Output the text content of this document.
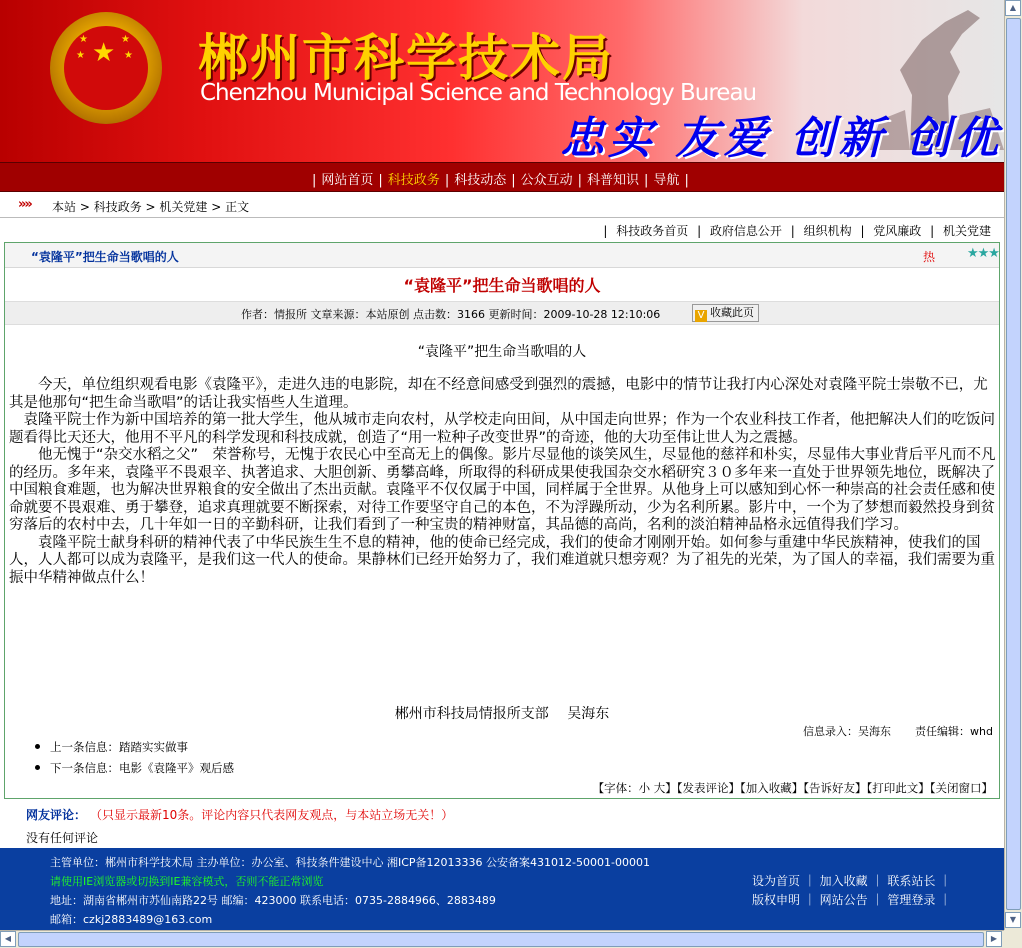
★
★	★
★	★ 郴州市科学技术局
Chenzhou Municipal Science and Technology Bureau
忠实 友爱 创新 创优
| 网站首页 | 科技政务 | 科技动态 | 公众互动 | 科普知识 | 导航 |
»» 本站 > 科技政务 > 机关党建 > 正文
| 科技政务首页 | 政府信息公开 | 组织机构 | 党风廉政 | 机关党建
“袁隆平”把生命当歌唱的人	热 ★★★
“袁隆平”把生命当歌唱的人
作者：情报所 文章来源：本站原创 点击数：3166 更新时间：2009-10-28 12:10:06	V 收藏此页
“袁隆平”把生命当歌唱的人

　　今天，单位组织观看电影《袁隆平》，走进久违的电影院，却在不经意间感受到强烈的震撼，电影中的情节让我打内心深处对袁隆平院士崇敬不已，尤其是他那句“把生命当歌唱”的话让我实悟些人生道理。

　袁隆平院士作为新中国培养的第一批大学生，他从城市走向农村，从学校走向田间，从中国走向世界；作为一个农业科技工作者，他把解决人们的吃饭问题看得比天还大，他用不平凡的科学发现和科技成就，创造了“用一粒种子改变世界”的奇迹，他的大功至伟让世人为之震撼。

　　他无愧于“杂交水稻之父”　荣誉称号，无愧于农民心中至高无上的偶像。影片尽显他的谈笑风生，尽显他的慈祥和朴实，尽显伟大事业背后平凡而不凡的经历。多年来，袁隆平不畏艰辛、执著追求、大胆创新、勇攀高峰，所取得的科研成果使我国杂交水稻研究３０多年来一直处于世界领先地位，既解决了中国粮食难题，也为解决世界粮食的安全做出了杰出贡献。袁隆平不仅仅属于中国，同样属于全世界。从他身上可以感知到心怀一种崇高的社会责任感和使命就要不畏艰难、勇于攀登，追求真理就要不断探索，对待工作要坚守自己的本色，不为浮躁所动，少为名利所累。影片中，一个为了梦想而毅然投身到贫穷落后的农村中去，几十年如一日的辛勤科研，让我们看到了一种宝贵的精神财富，其品德的高尚，名利的淡泊精神品格永远值得我们学习。

　　袁隆平院士献身科研的精神代表了中华民族生生不息的精神，他的使命已经完成，我们的使命才刚刚开始。如何参与重建中华民族精神，使我们的国人，人人都可以成为袁隆平，是我们这一代人的使命。果静林们已经开始努力了，我们难道就只想旁观？为了祖先的光荣，为了国人的幸福，我们需要为重振中华精神做点什么！

郴州市科技局情报所支部　 吴海东
信息录入：吴海东 责任编辑：whd
上一条信息：踏踏实实做事
下一条信息：电影《袁隆平》观后感
【字体：小 大】【发表评论】【加入收藏】【告诉好友】【打印此文】【关闭窗口】
网友评论： （只显示最新10条。评论内容只代表网友观点，与本站立场无关！）
没有任何评论
主管单位：郴州市科学技术局 主办单位：办公室、科技条件建设中心 湘ICP备12013336 公安备案431012-50001-00001
请使用IE浏览器或切换到IE兼容模式，否则不能正常浏览
地址：湖南省郴州市苏仙南路22号 邮编：423000 联系电话：0735-2884966、2883489
邮箱：czkj2883489@163.com
设为首页 ｜ 加入收藏 ｜ 联系站长 ｜
版权申明 ｜ 网站公告 ｜ 管理登录 ｜
▲
▼
◀	▶
